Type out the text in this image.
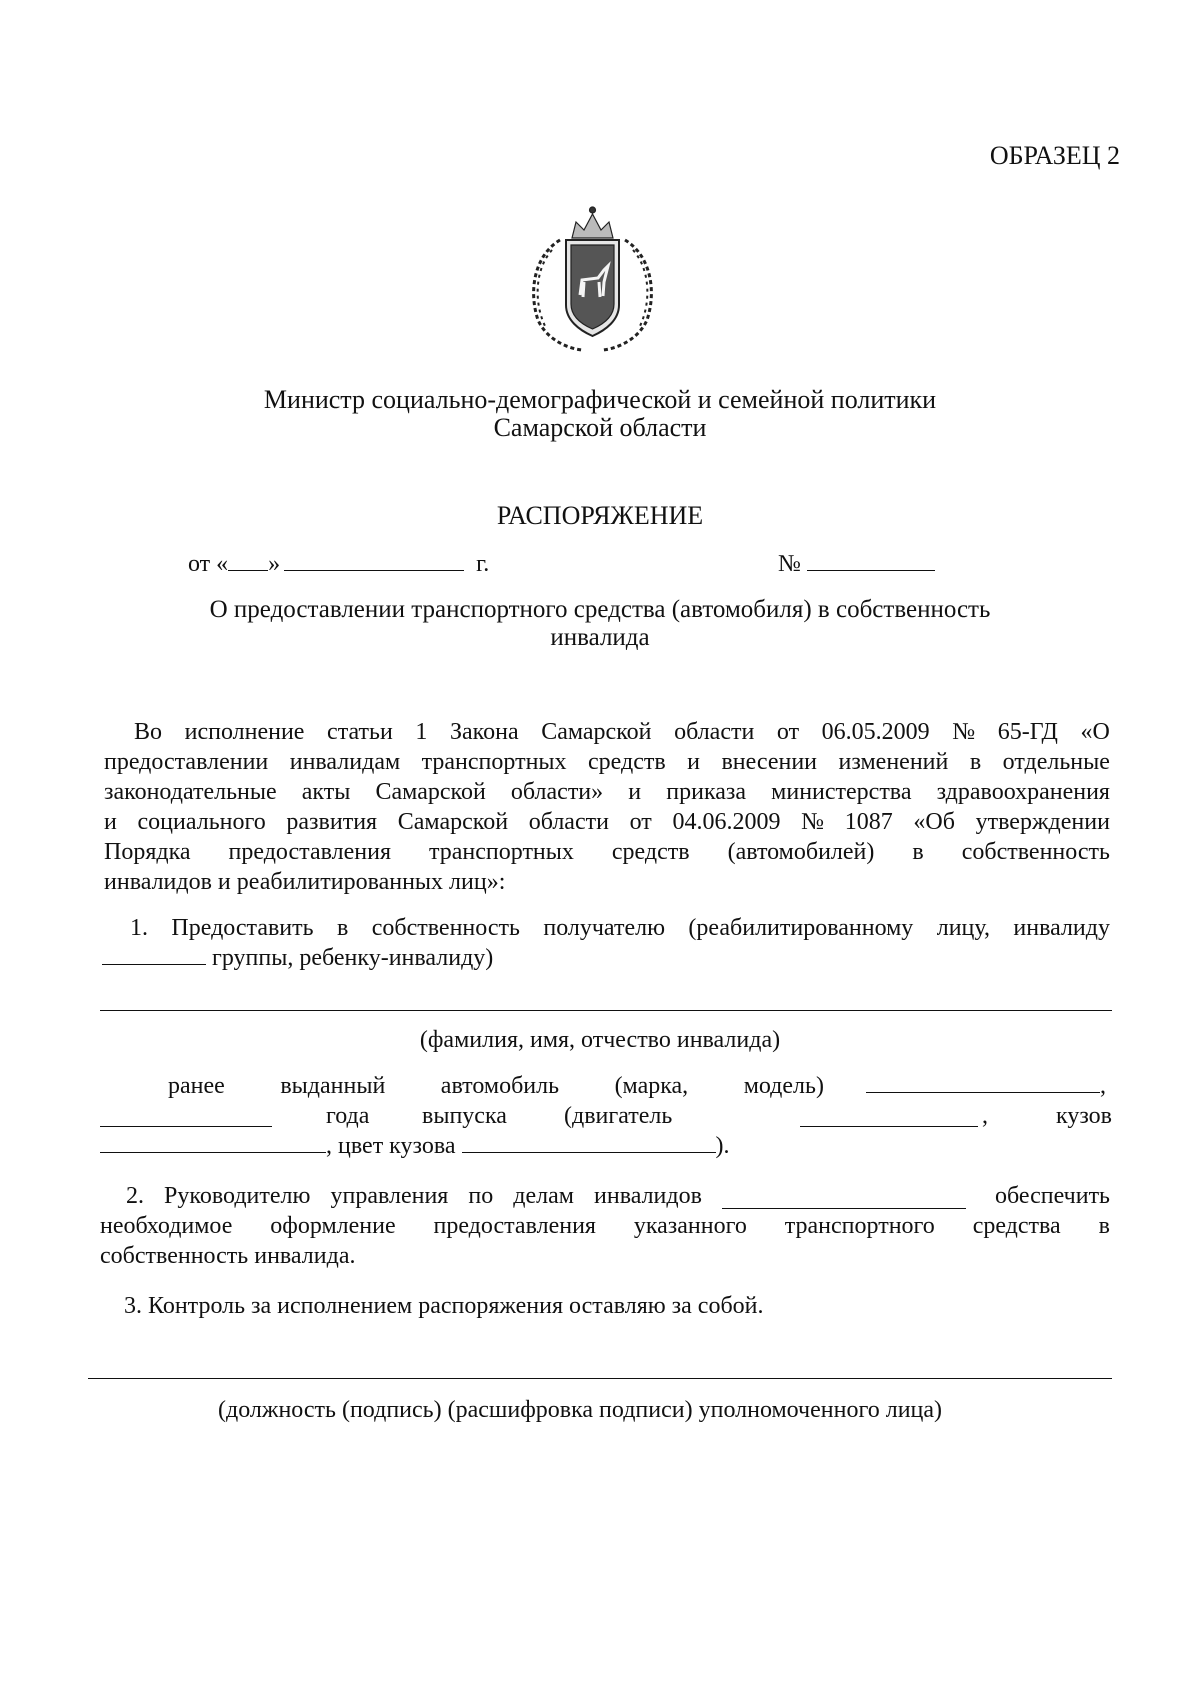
ОБРАЗЕЦ 2
Министр социально-демографической и семейной политики
Самарской области
РАСПОРЯЖЕНИЕ
от « »	г.	№
О предоставлении транспортного средства (автомобиля) в собственность
инвалида
Во исполнение статьи 1 Закона Самарской области от 06.05.2009 № 65-ГД «О
предоставлении инвалидам транспортных средств и внесении изменений в отдельные
законодательные акты Самарской области» и приказа министерства здравоохранения
и социального развития Самарской области от 04.06.2009 № 1087 «Об утверждении
Порядка предоставления транспортных средств (автомобилей) в собственность
инвалидов и реабилитированных лиц»:
1. Предоставить в собственность получателю (реабилитированному лицу, инвалиду
группы, ребенку-инвалиду)
(фамилия, имя, отчество инвалида)
ранее выданный автомобиль (марка, модель)	,
года выпуска (двигатель	,	кузов
, цвет кузова	).
2. Руководителю управления по делам инвалидов	обеспечить
необходимое оформление предоставления указанного транспортного средства в
собственность инвалида.
3. Контроль за исполнением распоряжения оставляю за собой.
(должность (подпись) (расшифровка подписи) уполномоченного лица)
